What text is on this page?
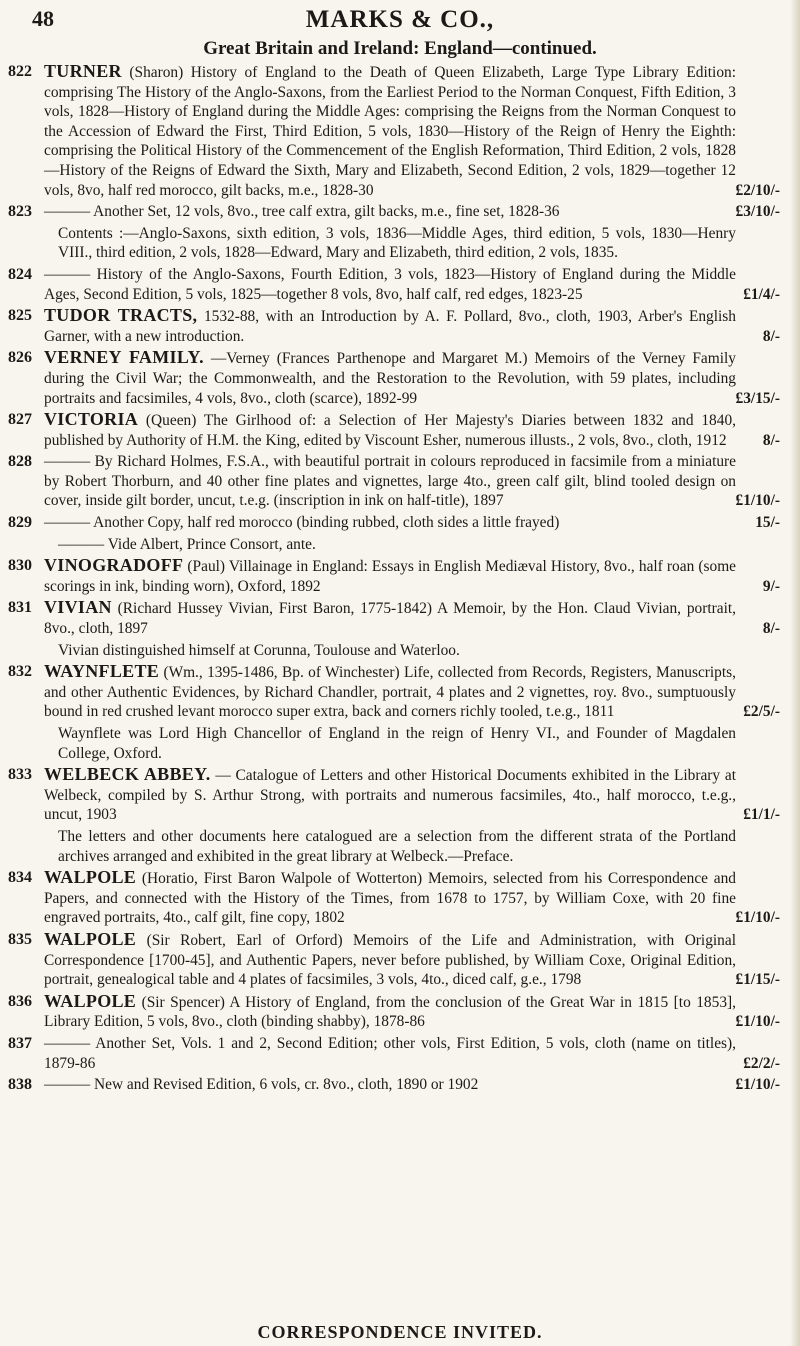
48	MARKS & CO.,
Great Britain and Ireland: England—continued.
822 TURNER (Sharon) History of England to the Death of Queen Elizabeth, Large Type Library Edition: comprising The History of the Anglo-Saxons, from the Earliest Period to the Norman Conquest, Fifth Edition, 3 vols, 1828—History of England during the Middle Ages: comprising the Reigns from the Norman Conquest to the Accession of Edward the First, Third Edition, 5 vols, 1830—History of the Reign of Henry the Eighth: comprising the Political History of the Commencement of the English Reformation, Third Edition, 2 vols, 1828—History of the Reigns of Edward the Sixth, Mary and Elizabeth, Second Edition, 2 vols, 1829—together 12 vols, 8vo, half red morocco, gilt backs, m.e., 1828-30	£2/10/-
823 ——— Another Set, 12 vols, 8vo., tree calf extra, gilt backs, m.e., fine set, 1828-36	£3/10/-
Contents :—Anglo-Saxons, sixth edition, 3 vols, 1836—Middle Ages, third edition, 5 vols, 1830—Henry VIII., third edition, 2 vols, 1828—Edward, Mary and Elizabeth, third edition, 2 vols, 1835.
824 ——— History of the Anglo-Saxons, Fourth Edition, 3 vols, 1823—History of England during the Middle Ages, Second Edition, 5 vols, 1825—together 8 vols, 8vo, half calf, red edges, 1823-25	£1/4/-
825 TUDOR TRACTS, 1532-88, with an Introduction by A. F. Pollard, 8vo., cloth, 1903, Arber's English Garner, with a new introduction.	8/-
826 VERNEY FAMILY. —Verney (Frances Parthenope and Margaret M.) Memoirs of the Verney Family during the Civil War; the Commonwealth, and the Restoration to the Revolution, with 59 plates, including portraits and facsimiles, 4 vols, 8vo., cloth (scarce), 1892-99	£3/15/-
827 VICTORIA (Queen) The Girlhood of: a Selection of Her Majesty's Diaries between 1832 and 1840, published by Authority of H.M. the King, edited by Viscount Esher, numerous illusts., 2 vols, 8vo., cloth, 1912 8/-
828 ——— By Richard Holmes, F.S.A., with beautiful portrait in colours reproduced in facsimile from a miniature by Robert Thorburn, and 40 other fine plates and vignettes, large 4to., green calf gilt, blind tooled design on cover, inside gilt border, uncut, t.e.g. (inscription in ink on half-title), 1897	£1/10/-
829 ——— Another Copy, half red morocco (binding rubbed, cloth sides a little frayed)	15/-
——— Vide Albert, Prince Consort, ante.
830 VINOGRADOFF (Paul) Villainage in England: Essays in English Mediæval History, 8vo., half roan (some scorings in ink, binding worn), Oxford, 1892	9/-
831 VIVIAN (Richard Hussey Vivian, First Baron, 1775-1842) A Memoir, by the Hon. Claud Vivian, portrait, 8vo., cloth, 1897	8/-
Vivian distinguished himself at Corunna, Toulouse and Waterloo.
832 WAYNFLETE (Wm., 1395-1486, Bp. of Winchester) Life, collected from Records, Registers, Manuscripts, and other Authentic Evidences, by Richard Chandler, portrait, 4 plates and 2 vignettes, roy. 8vo., sumptuously bound in red crushed levant morocco super extra, back and corners richly tooled, t.e.g., 1811	£2/5/-
Waynflete was Lord High Chancellor of England in the reign of Henry VI., and Founder of Magdalen College, Oxford.
833 WELBECK ABBEY. — Catalogue of Letters and other Historical Documents exhibited in the Library at Welbeck, compiled by S. Arthur Strong, with portraits and numerous facsimiles, 4to., half morocco, t.e.g., uncut, 1903	£1/1/-
The letters and other documents here catalogued are a selection from the different strata of the Portland archives arranged and exhibited in the great library at Welbeck.—Preface.
834 WALPOLE (Horatio, First Baron Walpole of Wotterton) Memoirs, selected from his Correspondence and Papers, and connected with the History of the Times, from 1678 to 1757, by William Coxe, with 20 fine engraved portraits, 4to., calf gilt, fine copy, 1802	£1/10/-
835 WALPOLE (Sir Robert, Earl of Orford) Memoirs of the Life and Administration, with Original Correspondence [1700-45], and Authentic Papers, never before published, by William Coxe, Original Edition, portrait, genealogical table and 4 plates of facsimiles, 3 vols, 4to., diced calf, g.e., 1798	£1/15/-
836 WALPOLE (Sir Spencer) A History of England, from the conclusion of the Great War in 1815 [to 1853], Library Edition, 5 vols, 8vo., cloth (binding shabby), 1878-86	£1/10/-
837 ——— Another Set, Vols. 1 and 2, Second Edition; other vols, First Edition, 5 vols, cloth (name on titles), 1879-86	£2/2/-
838 ——— New and Revised Edition, 6 vols, cr. 8vo., cloth, 1890 or 1902	£1/10/-
CORRESPONDENCE INVITED.
